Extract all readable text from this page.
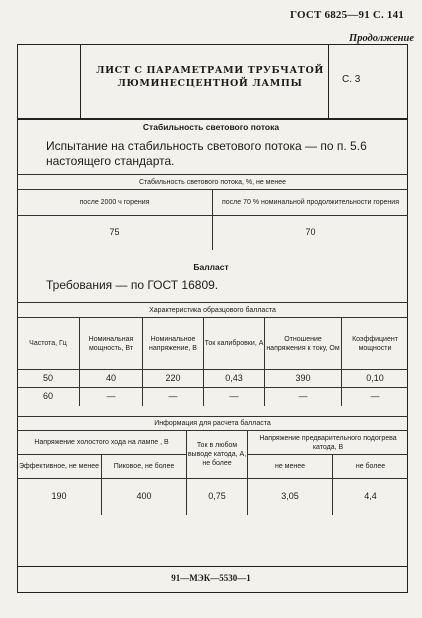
ГОСТ 6825—91 С. 141
Продолжение
ЛИСТ С ПАРАМЕТРАМИ ТРУБЧАТОЙ
ЛЮМИНЕСЦЕНТНОЙ ЛАМПЫ	С. 3
Стабильность светового потока
Испытание на стабильность светового потока — по п. 5.6 настоящего стандарта.
Стабильность светового потока, %, не менее	
после 2000 ч горения	после 70 % номинальной продолжительности горения
75	70
Балласт
Требования — по ГОСТ 16809.
Характеристика образцового балласта					
Частота, Гц	Номинальная мощность, Вт	Номинальное напряжение, В	Ток калибровки, А	Отношение напряжения к току, Ом	Коэффициент мощности
50	40	220	0,43	390	0,10
60	—	—	—	—	—
Информация для расчета балласта				
Напряжение холостого хода на лампе , В		Ток в любом выводе катода, А, не более	Напряжение предварительного подогрева катода, В	
Эффективное, не менее	Пиковое, не более		не менее	не более
190	400	0,75	3,05	4,4
91—МЭК—5530—1
